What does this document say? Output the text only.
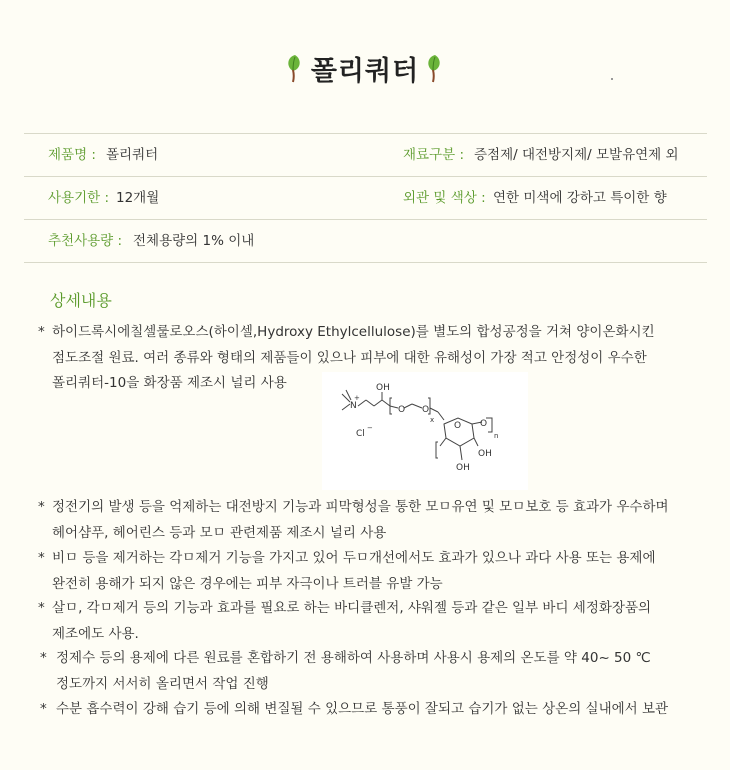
폴리쿼터
제품명 : 폴리쿼터	재료구분 : 증점제/ 대전방지제/ 모발유연제 외
사용기한 : 12개월	외관 및 색상 : 연한 미색에 강하고 특이한 향
추천사용량 : 전체용량의 1% 이내
상세내용
* 하이드록시에칠셀룰로오스(하이셀,Hydroxy Ethylcellulose)를 별도의 합성공정을 거쳐 양이온화시킨
점도조절 원료. 여러 종류와 형태의 제품들이 있으나 피부에 대한 유해성이 가장 적고 안정성이 우수한
폴리쿼터-10을 화장품 제조시 널리 사용
N
+
OH
O O
x
O O
n
Cl
−
OH
OH
* 정전기의 발생 등을 억제하는 대전방지 기능과 피막형성을 통한 모ㅁ유연 및 모ㅁ보호 등 효과가 우수하며
헤어샴푸, 헤어린스 등과 모ㅁ 관련제품 제조시 널리 사용
* 비ㅁ 등을 제거하는 각ㅁ제거 기능을 가지고 있어 두ㅁ개선에서도 효과가 있으나 과다 사용 또는 용제에
완전히 용해가 되지 않은 경우에는 피부 자극이나 트러블 유발 가능
* 살ㅁ, 각ㅁ제거 등의 기능과 효과를 필요로 하는 바디클렌저, 샤워젤 등과 같은 일부 바디 세정화장품의
제조에도 사용.
* 정제수 등의 용제에 다른 원료를 혼합하기 전 용해하여 사용하며 사용시 용제의 온도를 약 40~ 50 ℃
정도까지 서서히 올리면서 작업 진행
* 수분 흡수력이 강해 습기 등에 의해 변질될 수 있으므로 통풍이 잘되고 습기가 없는 상온의 실내에서 보관
